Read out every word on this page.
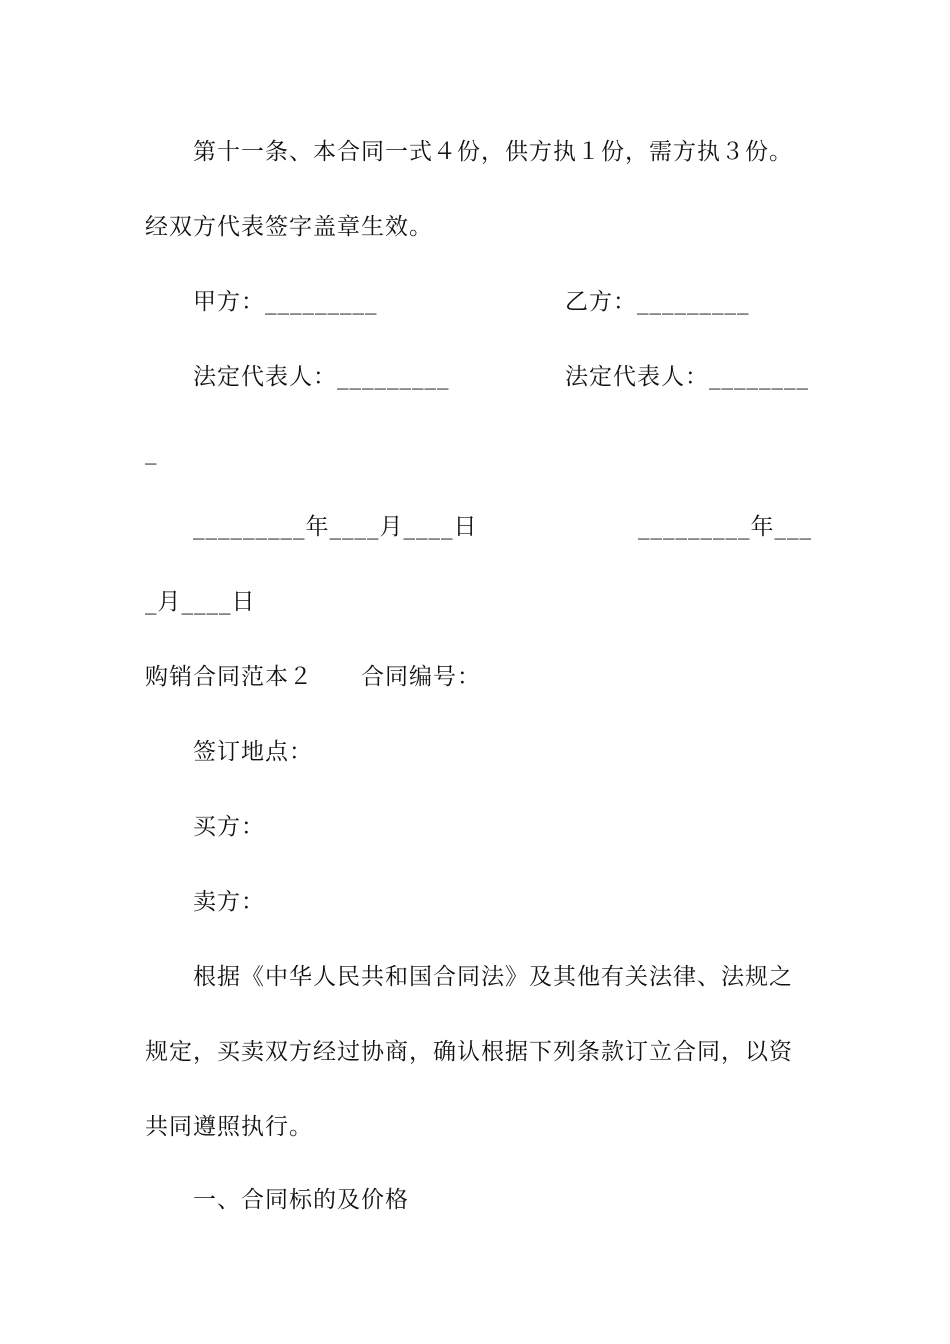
第十一条、本合同一式４份，供方执１份，需方执３份。
经双方代表签字盖章生效。
甲方：_________	乙方：_________
法定代表人：_________	法定代表人：________
_
_________年____月____日	_________年___
_月____日
购销合同范本２　　合同编号：
签订地点：
买方：
卖方：
根据《中华人民共和国合同法》及其他有关法律、法规之
规定，买卖双方经过协商，确认根据下列条款订立合同，以资
共同遵照执行。
一、合同标的及价格
